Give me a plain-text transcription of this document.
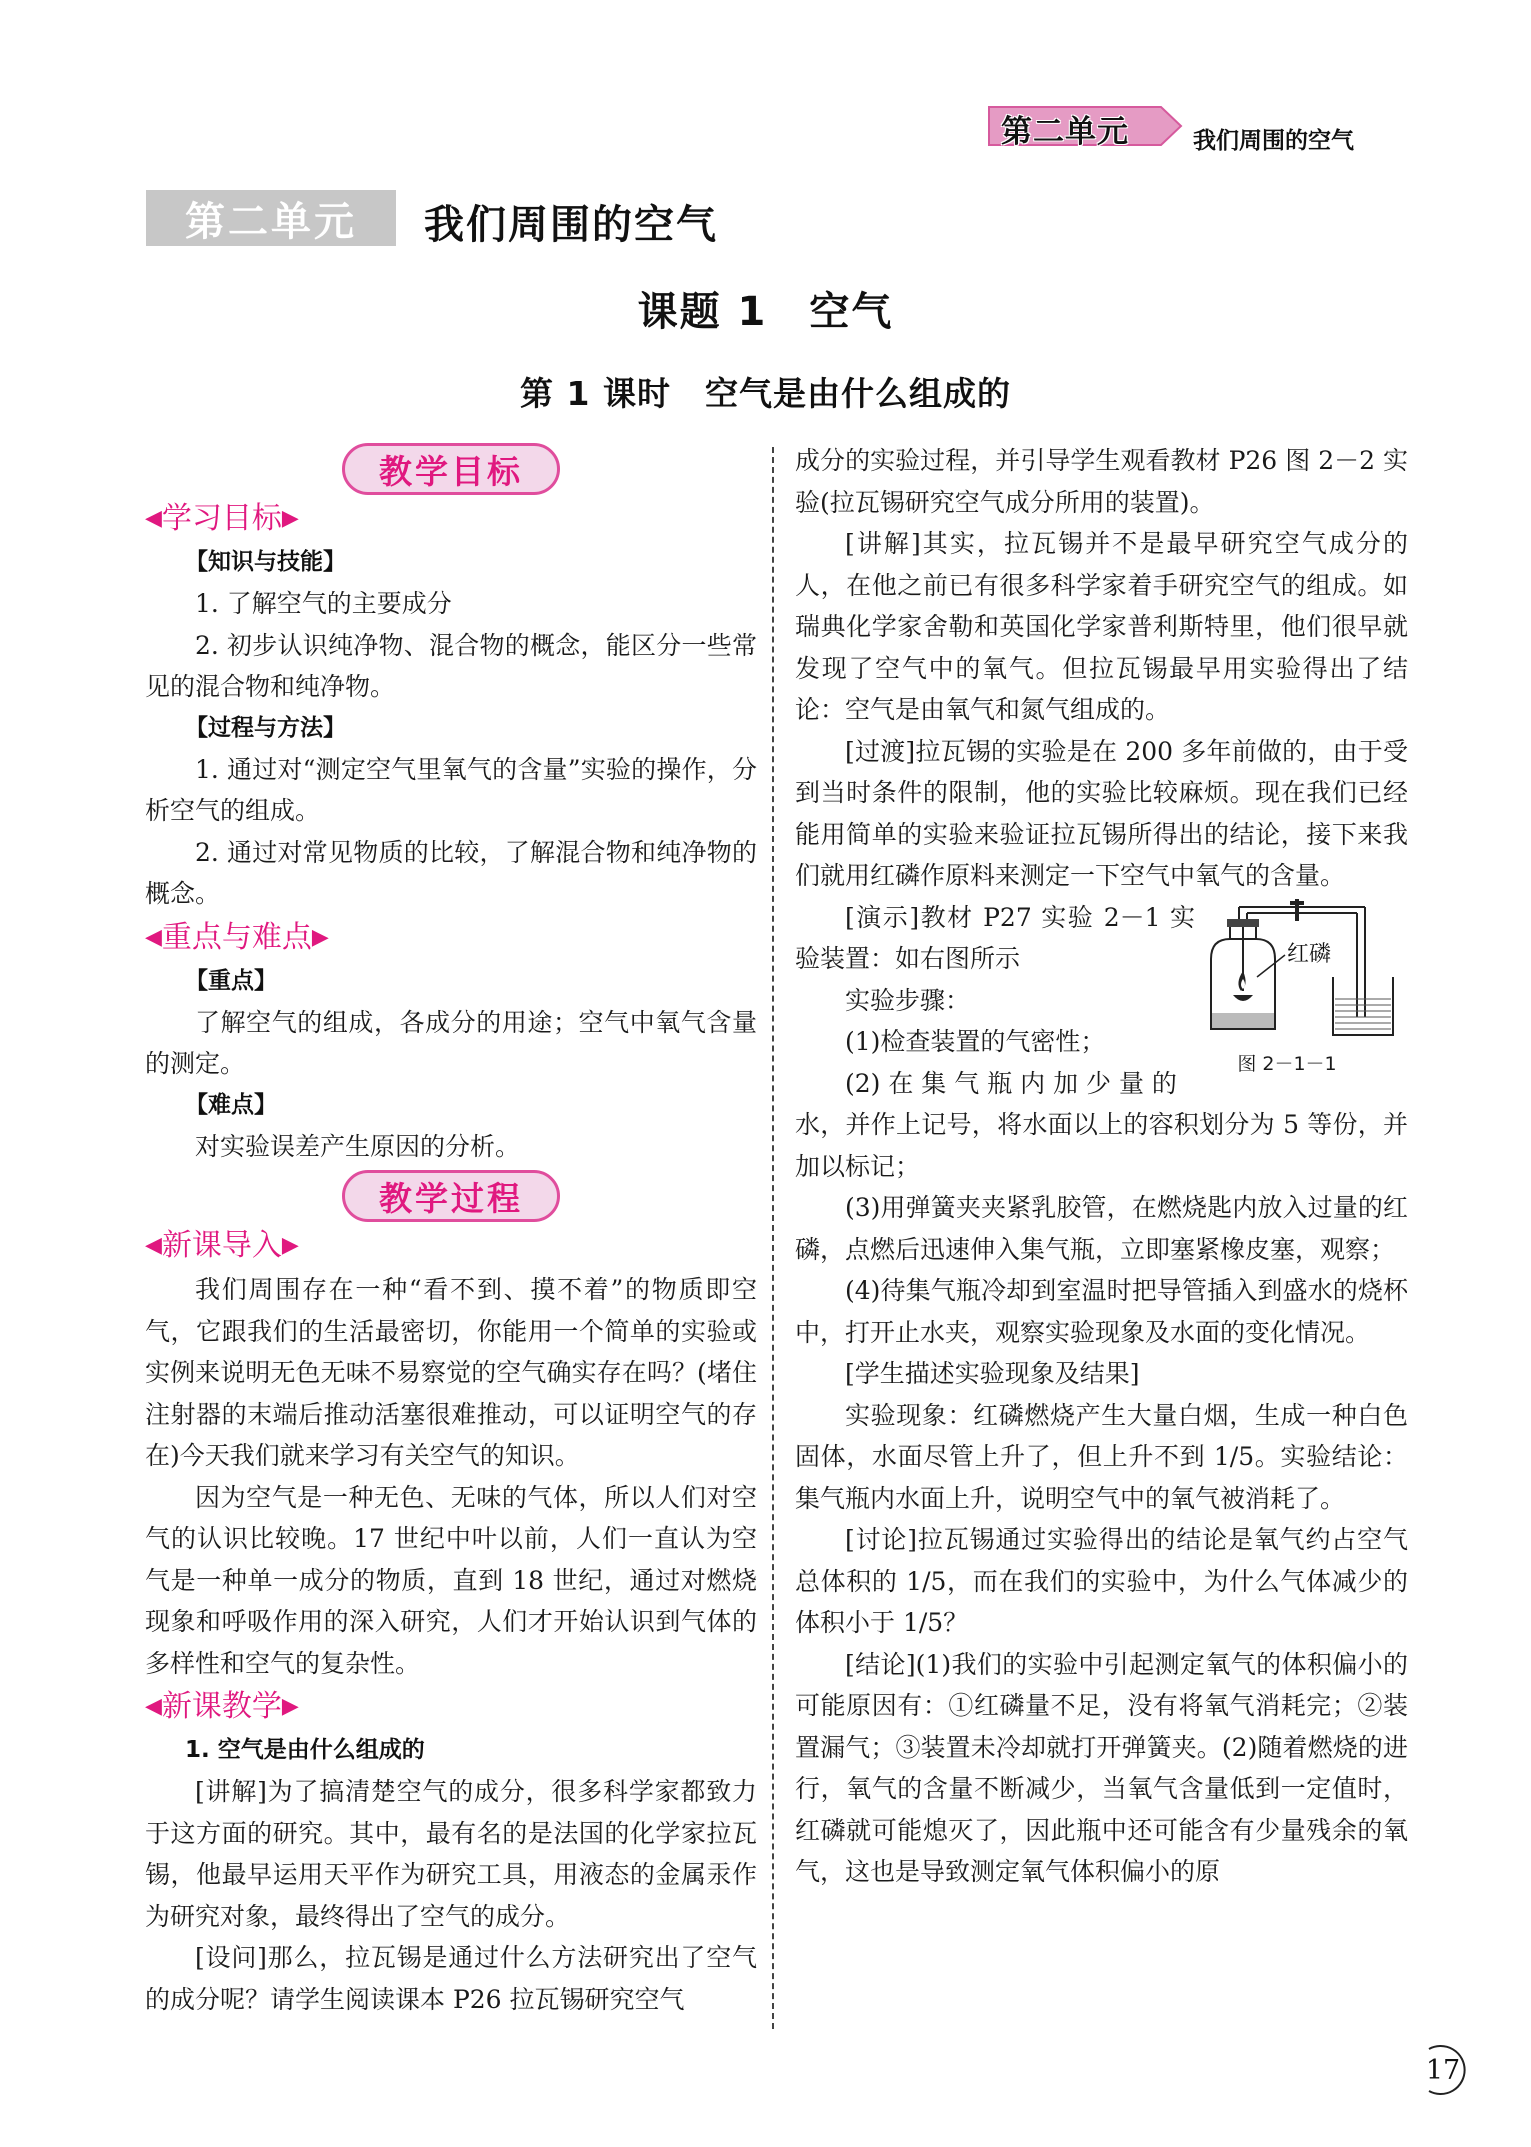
第二单元	我们周围的空气
第二单元	我们周围的空气
课题 1　空气
第 1 课时　空气是由什么组成的
教学目标
◀学习目标▶
【知识与技能】

1. 了解空气的主要成分

2. 初步认识纯净物、混合物的概念，能区分一些常见的混合物和纯净物。

【过程与方法】

1. 通过对“测定空气里氧气的含量”实验的操作，分析空气的组成。

2. 通过对常见物质的比较，了解混合物和纯净物的概念。

◀重点与难点▶
【重点】

了解空气的组成，各成分的用途；空气中氧气含量的测定。

【难点】

对实验误差产生原因的分析。

教学过程
◀新课导入▶

我们周围存在一种“看不到、摸不着”的物质即空气，它跟我们的生活最密切，你能用一个简单的实验或实例来说明无色无味不易察觉的空气确实存在吗？(堵住注射器的末端后推动活塞很难推动，可以证明空气的存在)今天我们就来学习有关空气的知识。

因为空气是一种无色、无味的气体，所以人们对空气的认识比较晚。17 世纪中叶以前，人们一直认为空气是一种单一成分的物质，直到 18 世纪，通过对燃烧现象和呼吸作用的深入研究，人们才开始认识到气体的多样性和空气的复杂性。

◀新课教学▶
1. 空气是由什么组成的

[讲解]为了搞清楚空气的成分，很多科学家都致力于这方面的研究。其中，最有名的是法国的化学家拉瓦锡，他最早运用天平作为研究工具，用液态的金属汞作为研究对象，最终得出了空气的成分。

[设问]那么，拉瓦锡是通过什么方法研究出了空气的成分呢？请学生阅读课本 P26 拉瓦锡研究空气

成分的实验过程，并引导学生观看教材 P26 图 2－2 实验(拉瓦锡研究空气成分所用的装置)。

[讲解]其实，拉瓦锡并不是最早研究空气成分的人，在他之前已有很多科学家着手研究空气的组成。如瑞典化学家舍勒和英国化学家普利斯特里，他们很早就发现了空气中的氧气。但拉瓦锡最早用实验得出了结论：空气是由氧气和氮气组成的。

[过渡]拉瓦锡的实验是在 200 多年前做的，由于受到当时条件的限制，他的实验比较麻烦。现在我们已经能用简单的实验来验证拉瓦锡所得出的结论，接下来我们就用红磷作原料来测定一下空气中氧气的含量。

[演示]教材 P27 实验 2－1 实验装置：如右图所示

实验步骤：

(1)检查装置的气密性；

(2) 在 集 气 瓶 内 加 少 量 的

红磷
图 2－1－1

水，并作上记号，将水面以上的容积划分为 5 等份，并加以标记；

(3)用弹簧夹夹紧乳胶管，在燃烧匙内放入过量的红磷，点燃后迅速伸入集气瓶，立即塞紧橡皮塞，观察；

(4)待集气瓶冷却到室温时把导管插入到盛水的烧杯中，打开止水夹，观察实验现象及水面的变化情况。

[学生描述实验现象及结果]

实验现象：红磷燃烧产生大量白烟，生成一种白色固体，水面尽管上升了，但上升不到 1/5。实验结论：集气瓶内水面上升，说明空气中的氧气被消耗了。

[讨论]拉瓦锡通过实验得出的结论是氧气约占空气总体积的 1/5，而在我们的实验中，为什么气体减少的体积小于 1/5？

[结论](1)我们的实验中引起测定氧气的体积偏小的可能原因有：①红磷量不足，没有将氧气消耗完；②装置漏气；③装置未冷却就打开弹簧夹。(2)随着燃烧的进行，氧气的含量不断减少，当氧气含量低到一定值时，红磷就可能熄灭了，因此瓶中还可能含有少量残余的氧气，这也是导致测定氧气体积偏小的原

17
